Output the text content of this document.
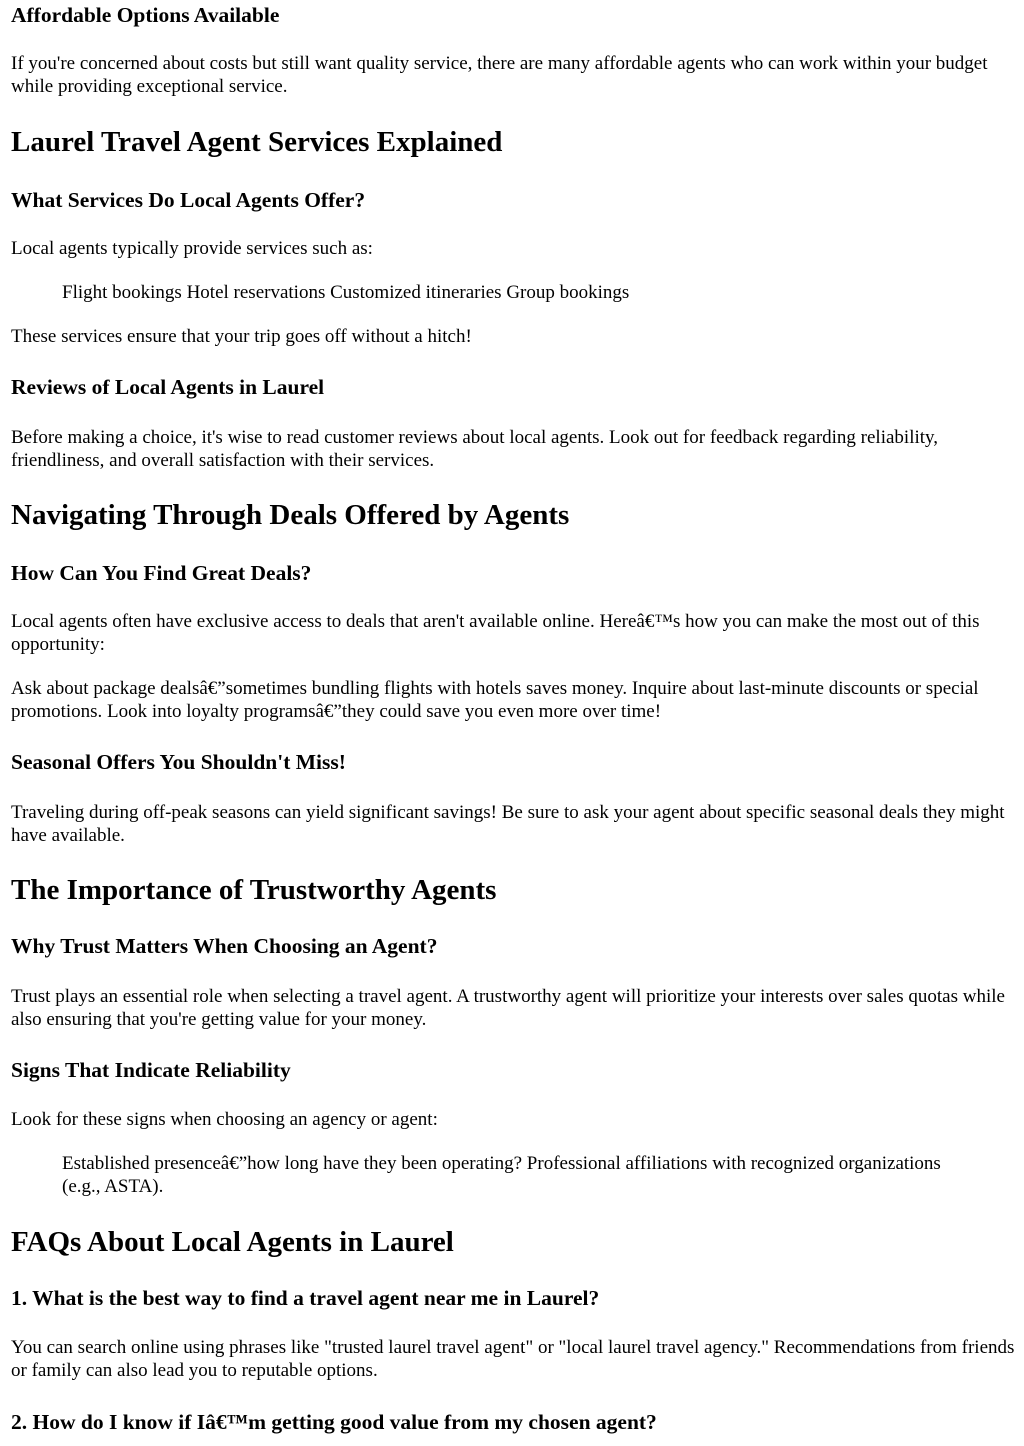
Affordable Options Available

If you're concerned about costs but still want quality service, there are many affordable agents who can work within your budget while providing exceptional service.

Laurel Travel Agent Services Explained
What Services Do Local Agents Offer?

Local agents typically provide services such as:

Flight bookings Hotel reservations Customized itineraries Group bookings

These services ensure that your trip goes off without a hitch!

Reviews of Local Agents in Laurel

Before making a choice, it's wise to read customer reviews about local agents. Look out for feedback regarding reliability, friendliness, and overall satisfaction with their services.

Navigating Through Deals Offered by Agents
How Can You Find Great Deals?

Local agents often have exclusive access to deals that aren't available online. Hereâ€™s how you can make the most out of this opportunity:

Ask about package dealsâ€”sometimes bundling flights with hotels saves money. Inquire about last-minute discounts or special promotions. Look into loyalty programsâ€”they could save you even more over time!

Seasonal Offers You Shouldn't Miss!

Traveling during off-peak seasons can yield significant savings! Be sure to ask your agent about specific seasonal deals they might have available.

The Importance of Trustworthy Agents
Why Trust Matters When Choosing an Agent?

Trust plays an essential role when selecting a travel agent. A trustworthy agent will prioritize your interests over sales quotas while also ensuring that you're getting value for your money.

Signs That Indicate Reliability

Look for these signs when choosing an agency or agent:

Established presenceâ€”how long have they been operating? Professional affiliations with recognized organizations (e.g., ASTA).

FAQs About Local Agents in Laurel
1. What is the best way to find a travel agent near me in Laurel?

You can search online using phrases like "trusted laurel travel agent" or "local laurel travel agency." Recommendations from friends or family can also lead you to reputable options.

2. How do I know if Iâ€™m getting good value from my chosen agent?
